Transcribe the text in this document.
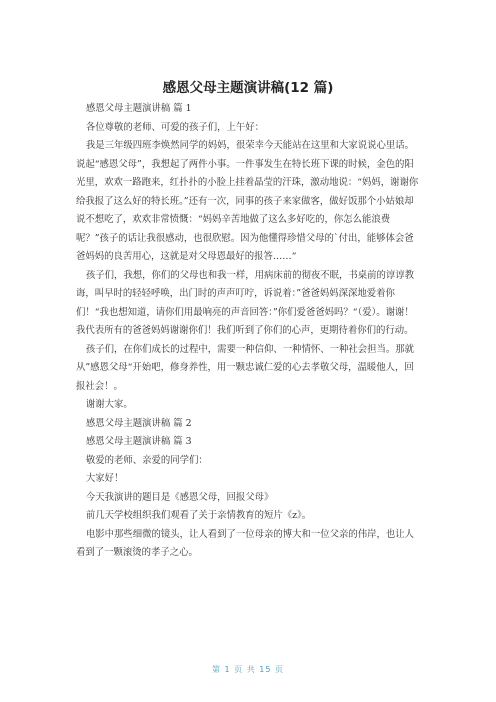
感恩父母主题演讲稿(12 篇)

感恩父母主题演讲稿 篇 1

各位尊敬的老师、可爱的孩子们，上午好：

我是三年级四班李焕然同学的妈妈，很荣幸今天能站在这里和大家说说心里话。说起“感恩父母”，我想起了两件小事。一件事发生在特长班下课的时候，金色的阳光里，欢欢一路跑来，红扑扑的小脸上挂着晶莹的汗珠，激动地说：“妈妈，谢谢你给我报了这么好的特长班。”还有一次，同事的孩子来家做客，做好饭那个小姑娘却说不想吃了，欢欢非常愤慨：“妈妈辛苦地做了这么多好吃的，你怎么能浪费呢？”孩子的话让我很感动，也很欣慰。因为他懂得珍惜父母的`付出，能够体会爸爸妈妈的良苦用心，这就是对父母恩最好的报答……“

孩子们，我想，你们的父母也和我一样，用病床前的彻夜不眠，书桌前的谆谆教诲，叫早时的轻轻呼唤，出门时的声声叮咛，诉说着：”爸爸妈妈深深地爱着你们！“我也想知道，请你们用最响亮的声音回答：”你们爱爸爸妈吗？“（爱）。谢谢！我代表所有的爸爸妈妈谢谢你们！我们听到了你们的心声，更期待着你们的行动。

孩子们，在你们成长的过程中，需要一种信仰、一种情怀、一种社会担当。那就从”感恩父母“开始吧，修身养性，用一颗忠诚仁爱的心去孝敬父母，温暖他人，回报社会！。

谢谢大家。

感恩父母主题演讲稿 篇 2

感恩父母主题演讲稿 篇 3

敬爱的老师、亲爱的同学们：

大家好！

今天我演讲的题目是《感恩父母，回报父母》

前几天学校组织我们观看了关于亲情教育的短片《z》。

电影中那些细微的镜头，让人看到了一位母亲的博大和一位父亲的伟岸，也让人看到了一颗滚烫的孝子之心。

第 1 页 共 15 页
